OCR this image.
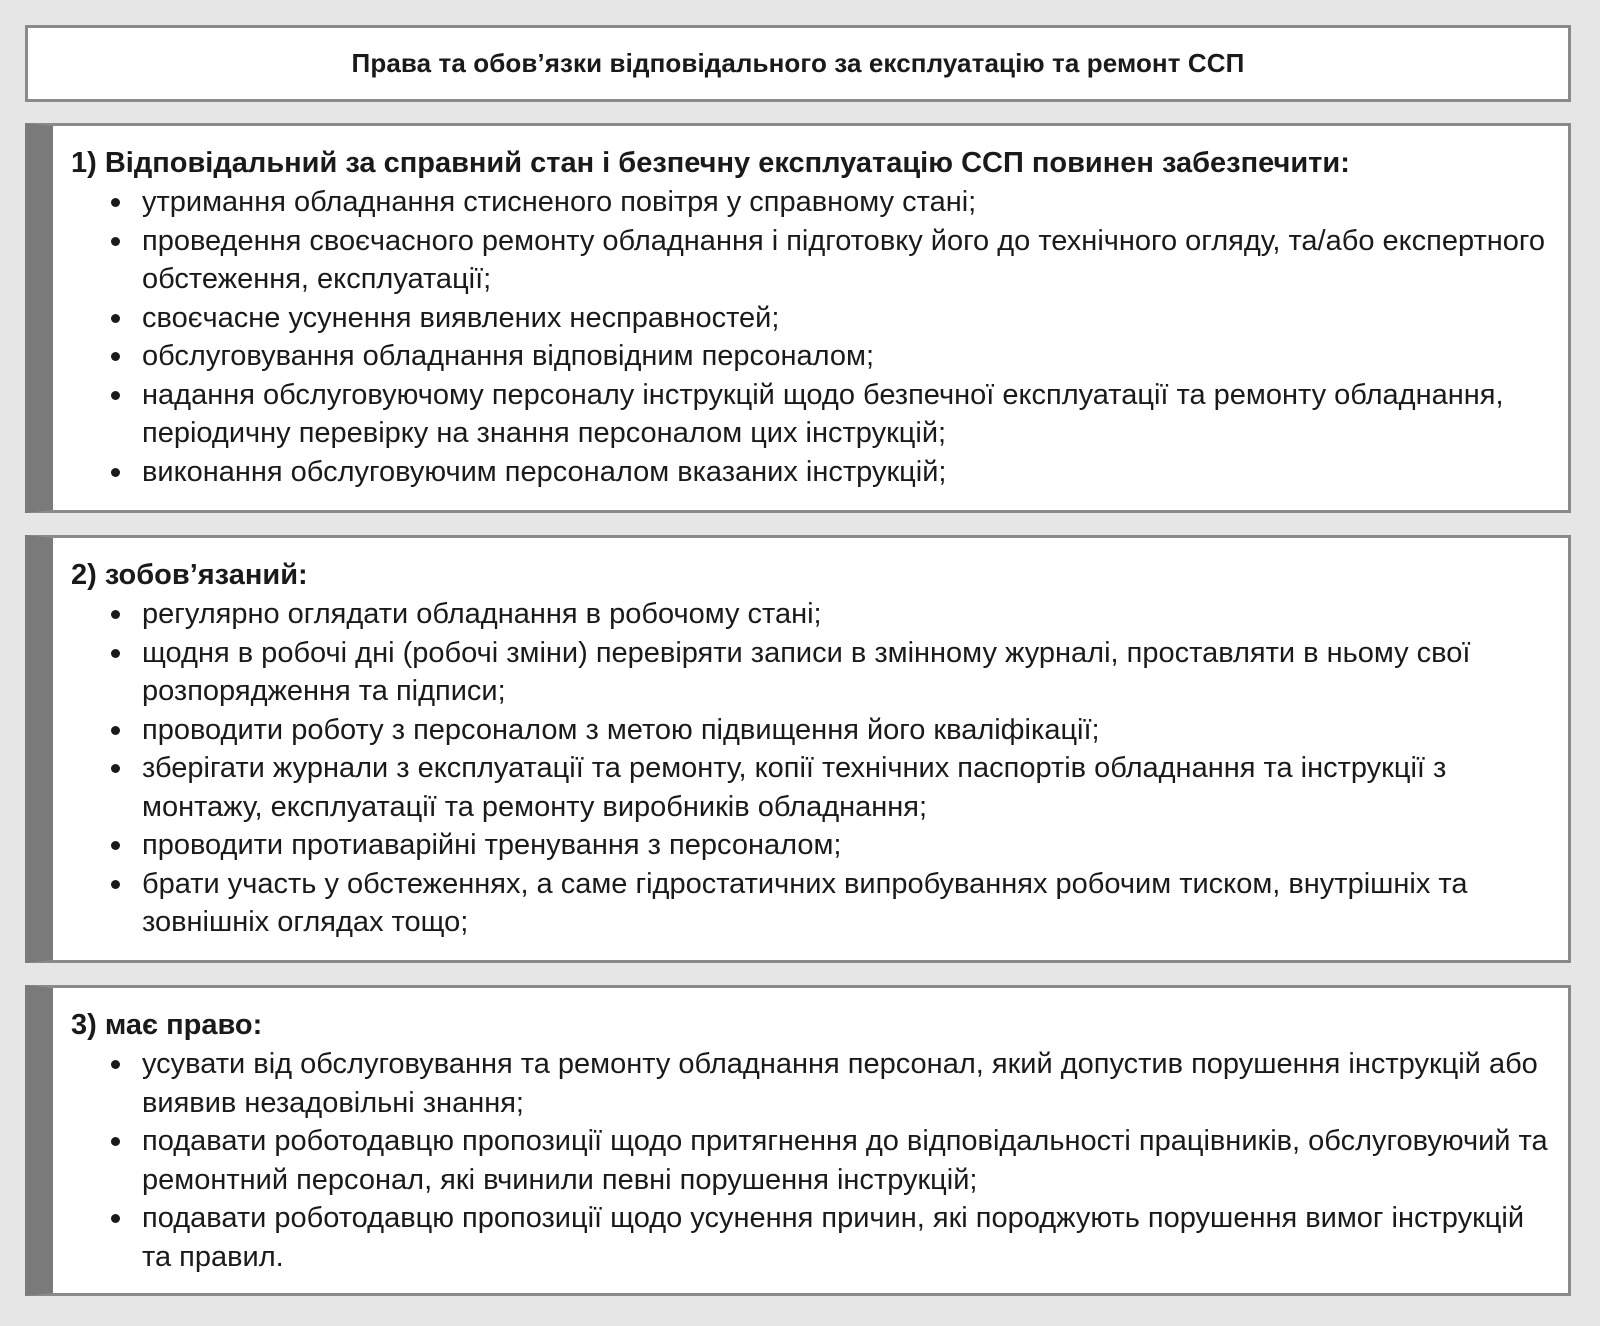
Права та обов’язки відповідального за експлуатацію та ремонт ССП
1) Відповідальний за справний стан і безпечну експлуатацію ССП повинен забезпечити:
утримання обладнання стисненого повітря у справному стані;
проведення своєчасного ремонту обладнання і підготовку його до технічного огляду, та/або експертного обстеження, експлуатації;
своєчасне усунення виявлених несправностей;
обслуговування обладнання відповідним персоналом;
надання обслуговуючому персоналу інструкцій щодо безпечної експлуатації та ремонту обладнання, періодичну перевірку на знання персоналом цих інструкцій;
виконання обслуговуючим персоналом вказаних інструкцій;
2) зобов’язаний:
регулярно оглядати обладнання в робочому стані;
щодня в робочі дні (робочі зміни) перевіряти записи в змінному журналі, проставляти в ньому свої розпорядження та підписи;
проводити роботу з персоналом з метою підвищення його кваліфікації;
зберігати журнали з експлуатації та ремонту, копії технічних паспортів обладнання та інструкції з монтажу, експлуатації та ремонту виробників обладнання;
проводити протиаварійні тренування з персоналом;
брати участь у обстеженнях, а саме гідростатичних випробуваннях робочим тиском, внутрішніх та зовнішніх оглядах тощо;
3) має право:
усувати від обслуговування та ремонту обладнання персонал, який допустив порушення інструкцій або виявив незадовільні знання;
подавати роботодавцю пропозиції щодо притягнення до відповідальності працівників, обслуговуючий та ремонтний персонал, які вчинили певні порушення інструкцій;
подавати роботодавцю пропозиції щодо усунення причин, які породжують порушення вимог інструкцій та правил.
